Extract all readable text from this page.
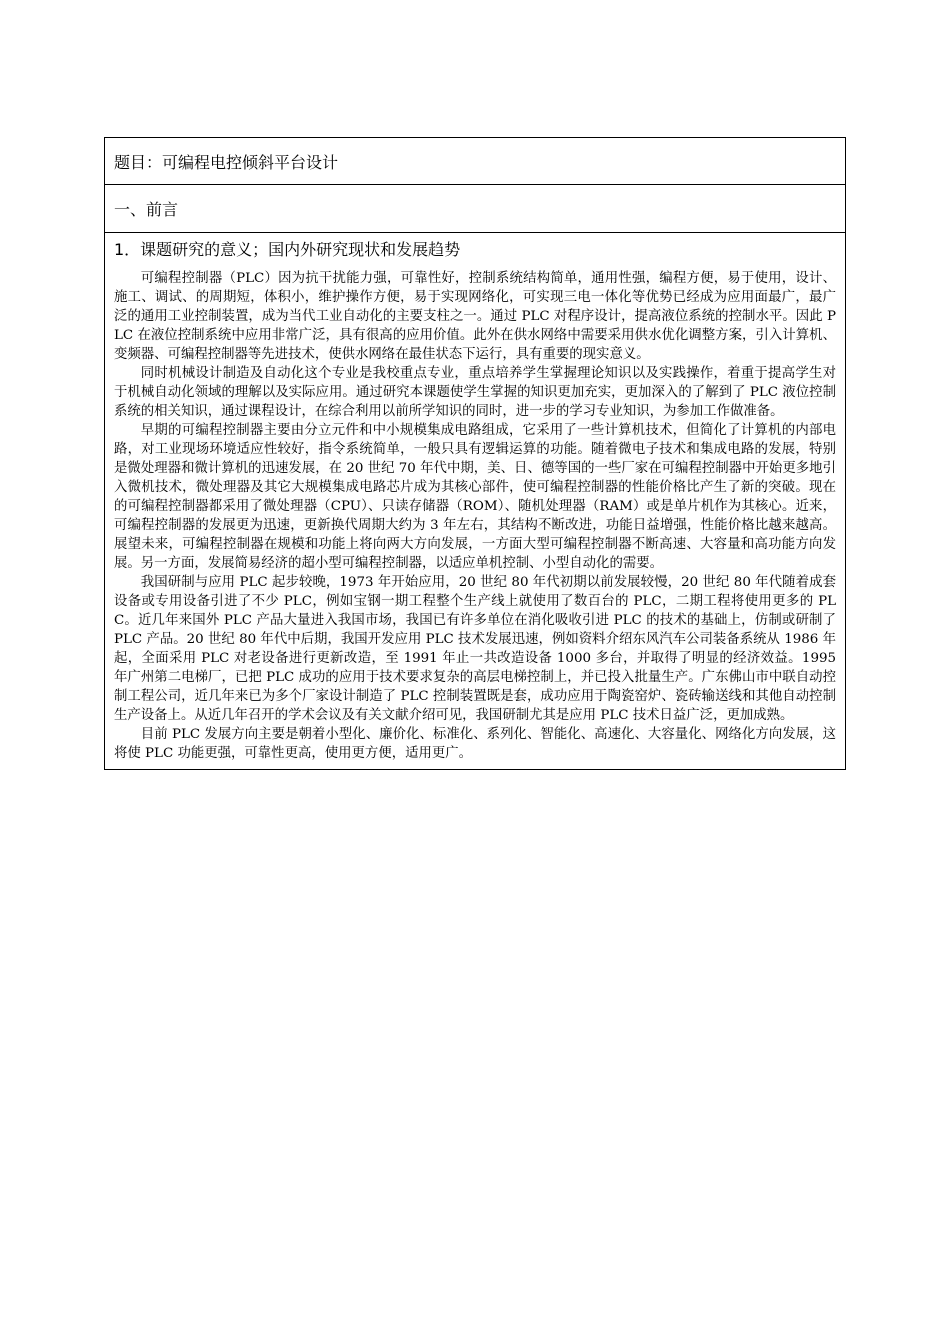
题目： 可编程电控倾斜平台设计
一、前言
1．课题研究的意义；国内外研究现状和发展趋势

可编程控制器（PLC）因为抗干扰能力强，可靠性好，控制系统结构简单，通用性强，编程方便，易于使用，设计、施工、调试、的周期短，体积小，维护操作方便，易于实现网络化，可实现三电一体化等优势已经成为应用面最广，最广泛的通用工业控制装置，成为当代工业自动化的主要支柱之一。通过 PLC 对程序设计，提高液位系统的控制水平。因此 PLC 在液位控制系统中应用非常广泛，具有很高的应用价值。此外在供水网络中需要采用供水优化调整方案，引入计算机、变频器、可编程控制器等先进技术，使供水网络在最佳状态下运行，具有重要的现实意义。

同时机械设计制造及自动化这个专业是我校重点专业，重点培养学生掌握理论知识以及实践操作，着重于提高学生对于机械自动化领域的理解以及实际应用。通过研究本课题使学生掌握的知识更加充实，更加深入的了解到了 PLC 液位控制系统的相关知识，通过课程设计，在综合利用以前所学知识的同时，进一步的学习专业知识，为参加工作做准备。

早期的可编程控制器主要由分立元件和中小规模集成电路组成，它采用了一些计算机技术，但简化了计算机的内部电路，对工业现场环境适应性较好，指令系统简单，一般只具有逻辑运算的功能。随着微电子技术和集成电路的发展，特别是微处理器和微计算机的迅速发展，在 20 世纪 70 年代中期，美、日、德等国的一些厂家在可编程控制器中开始更多地引入微机技术，微处理器及其它大规模集成电路芯片成为其核心部件，使可编程控制器的性能价格比产生了新的突破。现在的可编程控制器都采用了微处理器（CPU）、只读存储器（ROM）、随机处理器（RAM）或是单片机作为其核心。近来，可编程控制器的发展更为迅速，更新换代周期大约为 3 年左右，其结构不断改进，功能日益增强，性能价格比越来越高。展望未来，可编程控制器在规模和功能上将向两大方向发展，一方面大型可编程控制器不断高速、大容量和高功能方向发展。另一方面，发展简易经济的超小型可编程控制器，以适应单机控制、小型自动化的需要。

我国研制与应用 PLC 起步较晚，1973 年开始应用，20 世纪 80 年代初期以前发展较慢，20 世纪 80 年代随着成套设备或专用设备引进了不少 PLC，例如宝钢一期工程整个生产线上就使用了数百台的 PLC，二期工程将使用更多的 PLC。近几年来国外 PLC 产品大量进入我国市场，我国已有许多单位在消化吸收引进 PLC 的技术的基础上，仿制或研制了 PLC 产品。20 世纪 80 年代中后期，我国开发应用 PLC 技术发展迅速，例如资料介绍东风汽车公司装备系统从 1986 年起，全面采用 PLC 对老设备进行更新改造，至 1991 年止一共改造设备 1000 多台，并取得了明显的经济效益。1995 年广州第二电梯厂，已把 PLC 成功的应用于技术要求复杂的高层电梯控制上，并已投入批量生产。广东佛山市中联自动控制工程公司，近几年来已为多个厂家设计制造了 PLC 控制装置既是套，成功应用于陶瓷窑炉、瓷砖输送线和其他自动控制生产设备上。从近几年召开的学术会议及有关文献介绍可见，我国研制尤其是应用 PLC 技术日益广泛，更加成熟。

目前 PLC 发展方向主要是朝着小型化、廉价化、标准化、系列化、智能化、高速化、大容量化、网络化方向发展，这将使 PLC 功能更强，可靠性更高，使用更方便，适用更广。
